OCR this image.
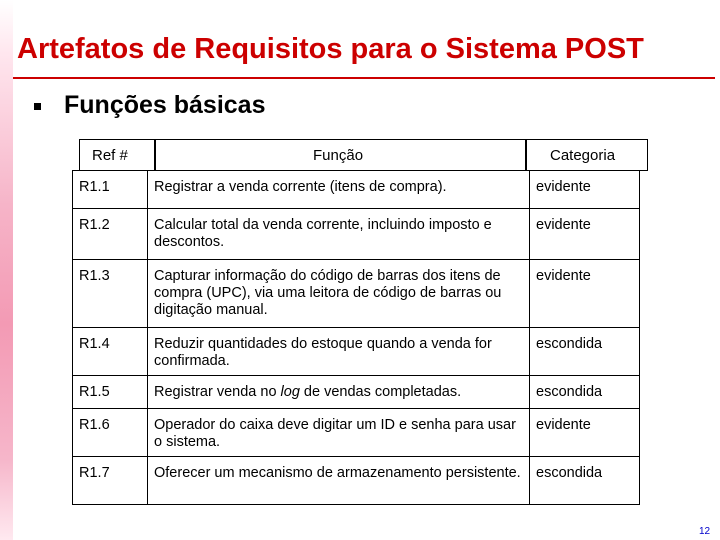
Artefatos de Requisitos para o Sistema POST
Funções básicas
Ref #	Função	Categoria
R1.1	Registrar a venda corrente (itens de compra).	evidente
R1.2	Calcular total da venda corrente, incluindo imposto e descontos.	evidente
R1.3	Capturar informação do código de barras dos itens de compra (UPC), via uma leitora de código de barras ou digitação manual.	evidente
R1.4	Reduzir quantidades do estoque quando a venda for confirmada.	escondida
R1.5	Registrar venda no log de vendas completadas.	escondida
R1.6	Operador do caixa deve digitar um ID e senha para usar o sistema.	evidente
R1.7	Oferecer um mecanismo de armazenamento persistente.	escondida
12
